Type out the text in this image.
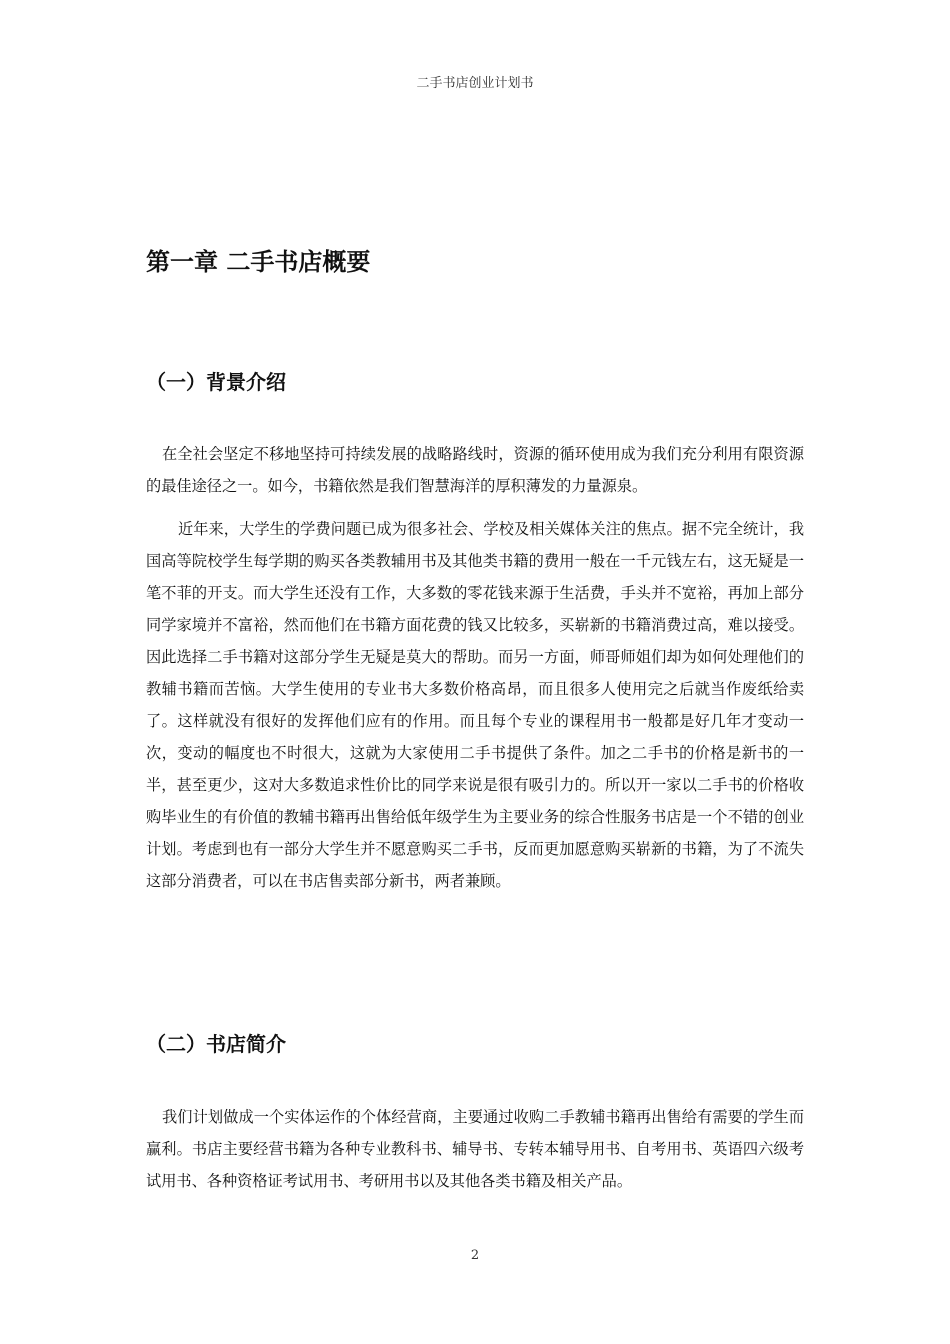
二手书店创业计划书
第一章 二手书店概要
（一）背景介绍

在全社会坚定不移地坚持可持续发展的战略路线时，资源的循环使用成为我们充分利用有限资源的最佳途径之一。如今，书籍依然是我们智慧海洋的厚积薄发的力量源泉。

近年来，大学生的学费问题已成为很多社会、学校及相关媒体关注的焦点。据不完全统计，我国高等院校学生每学期的购买各类教辅用书及其他类书籍的费用一般在一千元钱左右，这无疑是一笔不菲的开支。而大学生还没有工作，大多数的零花钱来源于生活费，手头并不宽裕，再加上部分同学家境并不富裕，然而他们在书籍方面花费的钱又比较多，买崭新的书籍消费过高，难以接受。因此选择二手书籍对这部分学生无疑是莫大的帮助。而另一方面，师哥师姐们却为如何处理他们的教辅书籍而苦恼。大学生使用的专业书大多数价格高昂，而且很多人使用完之后就当作废纸给卖了。这样就没有很好的发挥他们应有的作用。而且每个专业的课程用书一般都是好几年才变动一次，变动的幅度也不时很大，这就为大家使用二手书提供了条件。加之二手书的价格是新书的一半，甚至更少，这对大多数追求性价比的同学来说是很有吸引力的。所以开一家以二手书的价格收购毕业生的有价值的教辅书籍再出售给低年级学生为主要业务的综合性服务书店是一个不错的创业计划。考虑到也有一部分大学生并不愿意购买二手书，反而更加愿意购买崭新的书籍，为了不流失这部分消费者，可以在书店售卖部分新书，两者兼顾。

（二）书店简介

我们计划做成一个实体运作的个体经营商，主要通过收购二手教辅书籍再出售给有需要的学生而赢利。书店主要经营书籍为各种专业教科书、辅导书、专转本辅导用书、自考用书、英语四六级考试用书、各种资格证考试用书、考研用书以及其他各类书籍及相关产品。

2
